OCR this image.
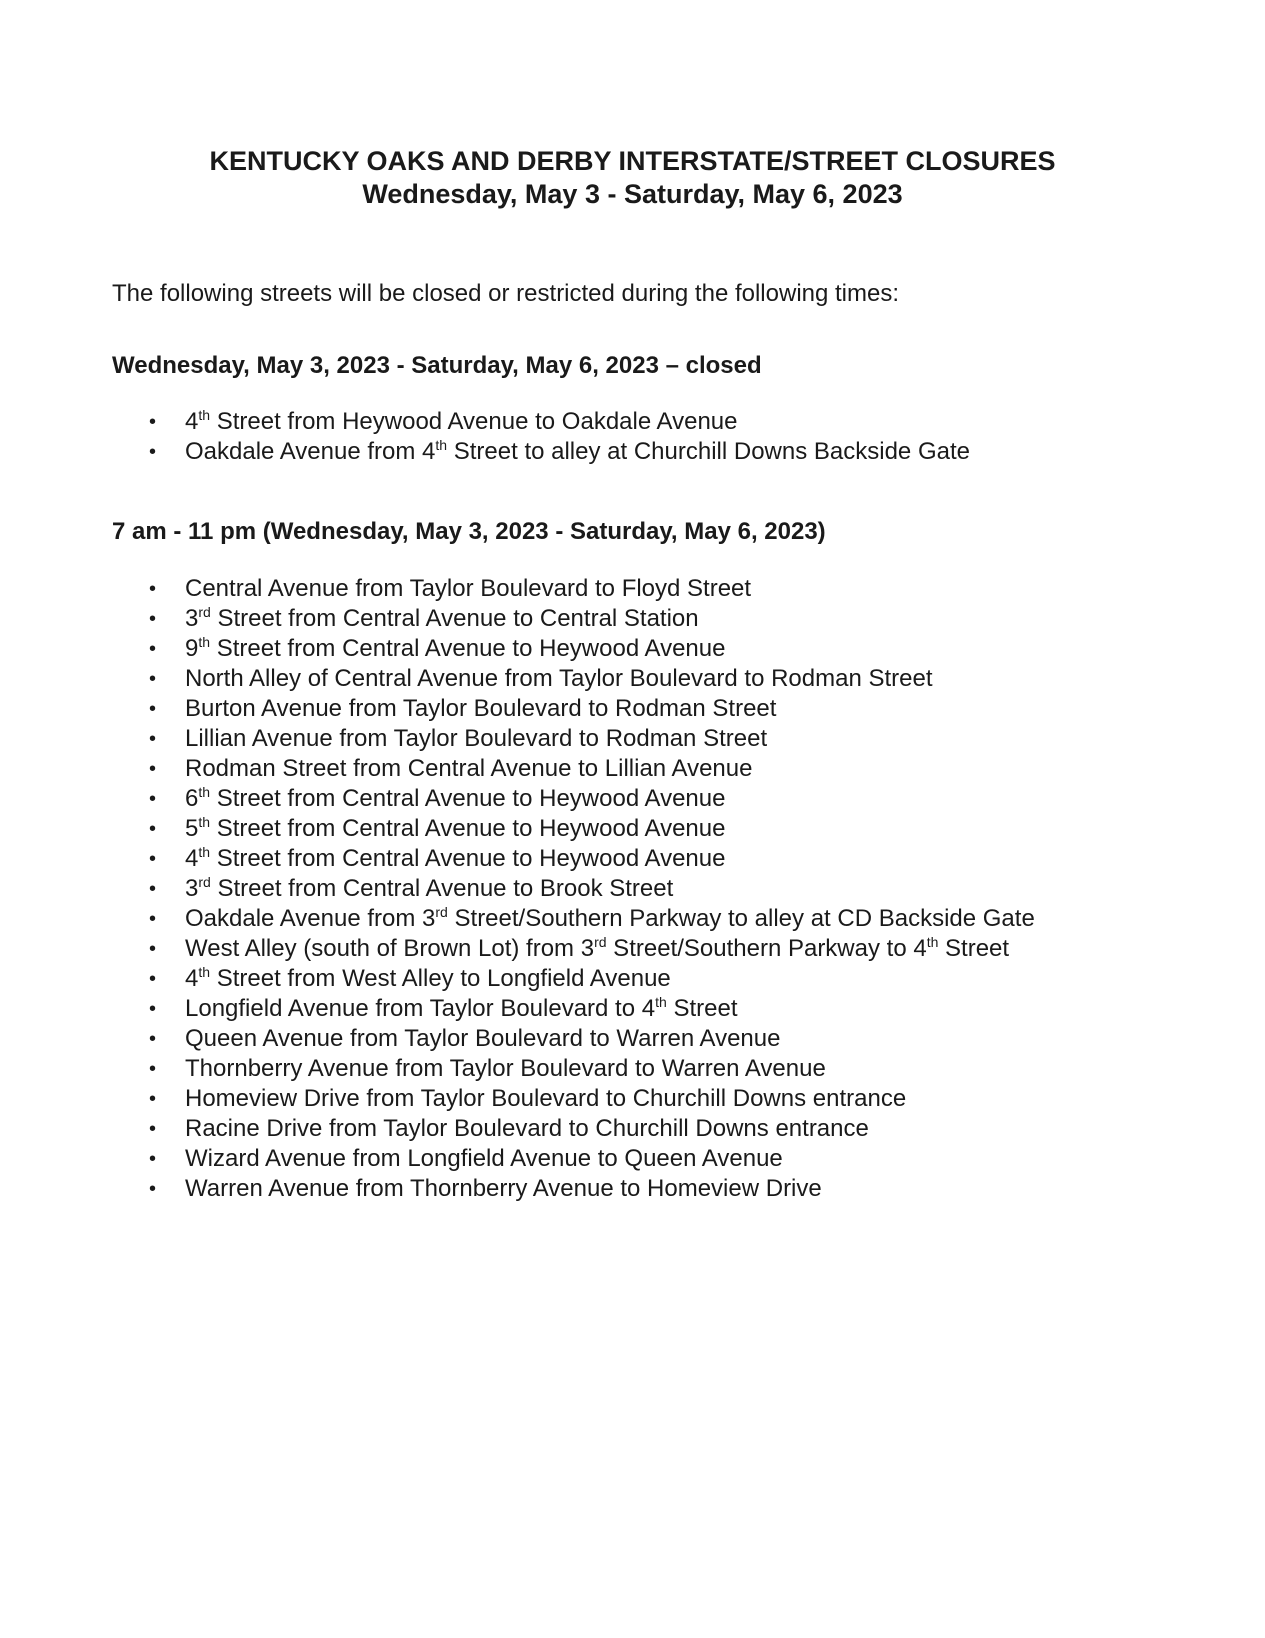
KENTUCKY OAKS AND DERBY INTERSTATE/STREET CLOSURES
Wednesday, May 3 - Saturday, May 6, 2023
The following streets will be closed or restricted during the following times:
Wednesday, May 3, 2023 - Saturday, May 6, 2023 – closed
•	4th Street from Heywood Avenue to Oakdale Avenue
•	Oakdale Avenue from 4th Street to alley at Churchill Downs Backside Gate
7 am - 11 pm (Wednesday, May 3, 2023 - Saturday, May 6, 2023)
•	Central Avenue from Taylor Boulevard to Floyd Street
•	3rd Street from Central Avenue to Central Station
•	9th Street from Central Avenue to Heywood Avenue
•	North Alley of Central Avenue from Taylor Boulevard to Rodman Street
•	Burton Avenue from Taylor Boulevard to Rodman Street
•	Lillian Avenue from Taylor Boulevard to Rodman Street
•	Rodman Street from Central Avenue to Lillian Avenue
•	6th Street from Central Avenue to Heywood Avenue
•	5th Street from Central Avenue to Heywood Avenue
•	4th Street from Central Avenue to Heywood Avenue
•	3rd Street from Central Avenue to Brook Street
•	Oakdale Avenue from 3rd Street/Southern Parkway to alley at CD Backside Gate
•	West Alley (south of Brown Lot) from 3rd Street/Southern Parkway to 4th Street
•	4th Street from West Alley to Longfield Avenue
•	Longfield Avenue from Taylor Boulevard to 4th Street
•	Queen Avenue from Taylor Boulevard to Warren Avenue
•	Thornberry Avenue from Taylor Boulevard to Warren Avenue
•	Homeview Drive from Taylor Boulevard to Churchill Downs entrance
•	Racine Drive from Taylor Boulevard to Churchill Downs entrance
•	Wizard Avenue from Longfield Avenue to Queen Avenue
•	Warren Avenue from Thornberry Avenue to Homeview Drive
